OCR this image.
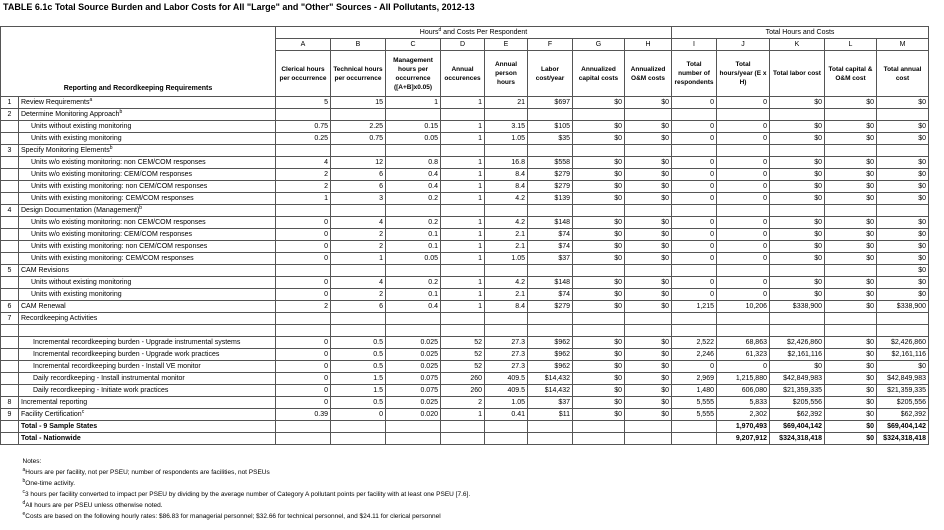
TABLE 6.1c Total Source Burden and Labor Costs for All "Large" and "Other" Sources - All Pollutants, 2012-13
		Hours$^d$ and Costs Per Respondent								Total Hours and Costs				
		A	B	C	D	E	F	G	H	I	J	K	L	M
Reporting and Recordkeeping Requirements		Clerical hours per occurrence	Technical hours per occurrence	Management hours per occurrence ([A+B]x0.05)	Annual occurences	Annual person hours	Labor cost/year	Annualized capital costs	Annualized O&M costs	Total number of respondents	Total hours/year (E x H)	Total labor cost	Total capital & O&M cost	Total annual cost
1	Review Requirements$^a$	5	15	1	1	21	$697	$0	$0	0	0	$0	$0	$0
2	Determine Monitoring Approach$^b$													
	Units without existing monitoring	0.75	2.25	0.15	1	3.15	$105	$0	$0	0	0	$0	$0	$0
	Units with existing monitoring	0.25	0.75	0.05	1	1.05	$35	$0	$0	0	0	$0	$0	$0
3	Specify Monitoring Elements$^b$													
	Units w/o existing monitoring: non CEM/COM responses	4	12	0.8	1	16.8	$558	$0	$0	0	0	$0	$0	$0
	Units w/o existing monitoring: CEM/COM responses	2	6	0.4	1	8.4	$279	$0	$0	0	0	$0	$0	$0
	Units with existing monitoring: non CEM/COM responses	2	6	0.4	1	8.4	$279	$0	$0	0	0	$0	$0	$0
	Units with existing monitoring: CEM/COM responses	1	3	0.2	1	4.2	$139	$0	$0	0	0	$0	$0	$0
4	Design Documentation (Management)$^b$													
	Units w/o existing monitoring: non CEM/COM responses	0	4	0.2	1	4.2	$148	$0	$0	0	0	$0	$0	$0
	Units w/o existing monitoring: CEM/COM responses	0	2	0.1	1	2.1	$74	$0	$0	0	0	$0	$0	$0
	Units with existing monitoring: non CEM/COM responses	0	2	0.1	1	2.1	$74	$0	$0	0	0	$0	$0	$0
	Units with existing monitoring: CEM/COM responses	0	1	0.05	1	1.05	$37	$0	$0	0	0	$0	$0	$0
5	CAM Revisions													$0
	Units without existing monitoring	0	4	0.2	1	4.2	$148	$0	$0	0	0	$0	$0	$0
	Units with existing monitoring	0	2	0.1	1	2.1	$74	$0	$0	0	0	$0	$0	$0
6	CAM Renewal	2	6	0.4	1	8.4	$279	$0	$0	1,215	10,206	$338,900	$0	$338,900
7	Recordkeeping Activities													

	Incremental recordkeeping burden - Upgrade instrumental systems	0	0.5	0.025	52	27.3	$962	$0	$0	2,522	68,863	$2,426,860	$0	$2,426,860
	Incremental recordkeeping burden - Upgrade work practices	0	0.5	0.025	52	27.3	$962	$0	$0	2,246	61,323	$2,161,116	$0	$2,161,116
	Incremental recordkeeping burden - Install VE monitor	0	0.5	0.025	52	27.3	$962	$0	$0	0	0	$0	$0	$0
	Daily recordkeeping - Install instrumental monitor	0	1.5	0.075	260	409.5	$14,432	$0	$0	2,969	1,215,880	$42,849,983	$0	$42,849,983
	Daily recordkeeping - Initiate work practices	0	1.5	0.075	260	409.5	$14,432	$0	$0	1,480	606,080	$21,359,335	$0	$21,359,335
8	Incremental reporting	0	0.5	0.025	2	1.05	$37	$0	$0	5,555	5,833	$205,556	$0	$205,556
9	Facility Certification$^c$	0.39	0	0.020	1	0.41	$11	$0	$0	5,555	2,302	$62,392	$0	$62,392
	Total - 9 Sample States										1,970,493	$69,404,142	$0	$69,404,142
	Total - Nationwide										9,207,912	$324,318,418	$0	$324,318,418

Notes:														
$^a$Hours are per facility, not per PSEU; number of respondents are facilities, not PSEUs														
$^b$One-time activity.														
$^c$3 hours per facility converted to impact per PSEU by dividing by the average number of Category A pollutant points per facility with at least one PSEU [7.6].														
$^d$All hours are per PSEU unless otherwise noted.														
$^e$Costs are based on the following hourly rates: $86.83 for managerial personnel; $32.66 for technical personnel, and $24.11 for clerical personnel														
